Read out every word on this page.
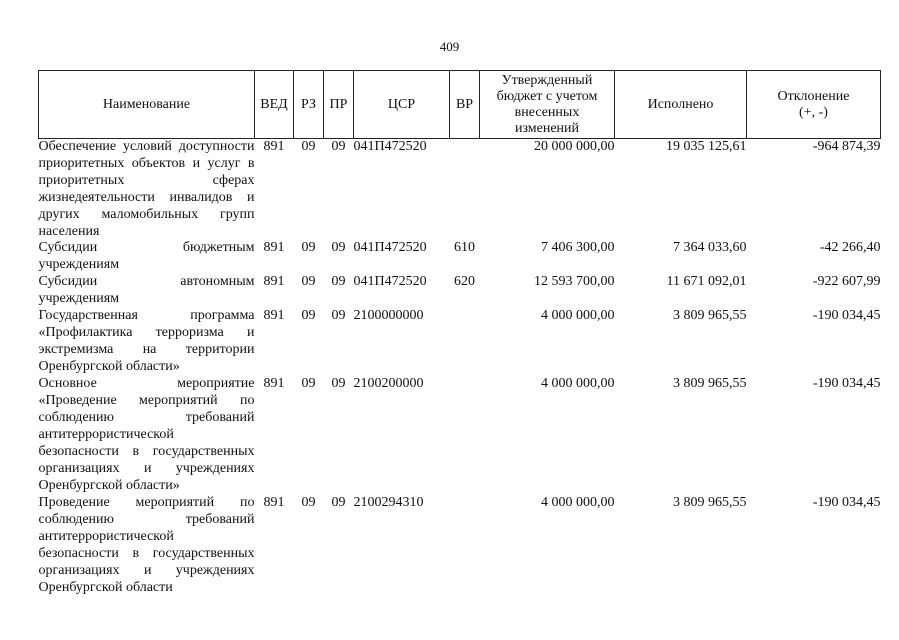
409
Наименование	ВЕД	РЗ	ПР	ЦСР	ВР	Утвержденный бюджет с учетом внесенных изменений	Исполнено	Отклонение
(+, -)
Обеспечение условий доступности приоритетных объектов и услуг в приоритетных сферах жизнедеятельности инвалидов и других маломобильных групп населения	891	09	09	041П472520		20 000 000,00	19 035 125,61	-964 874,39
Субсидии бюджетным учреждениям	891	09	09	041П472520	610	7 406 300,00	7 364 033,60	-42 266,40
Субсидии автономным учреждениям	891	09	09	041П472520	620	12 593 700,00	11 671 092,01	-922 607,99
Государственная программа «Профилактика терроризма и экстремизма на территории Оренбургской области»	891	09	09	2100000000		4 000 000,00	3 809 965,55	-190 034,45
Основное мероприятие «Проведение мероприятий по соблюдению требований антитеррористической безопасности в государственных организациях и учреждениях Оренбургской области»	891	09	09	2100200000		4 000 000,00	3 809 965,55	-190 034,45
Проведение мероприятий по соблюдению требований антитеррористической безопасности в государственных организациях и учреждениях Оренбургской области	891	09	09	2100294310		4 000 000,00	3 809 965,55	-190 034,45
